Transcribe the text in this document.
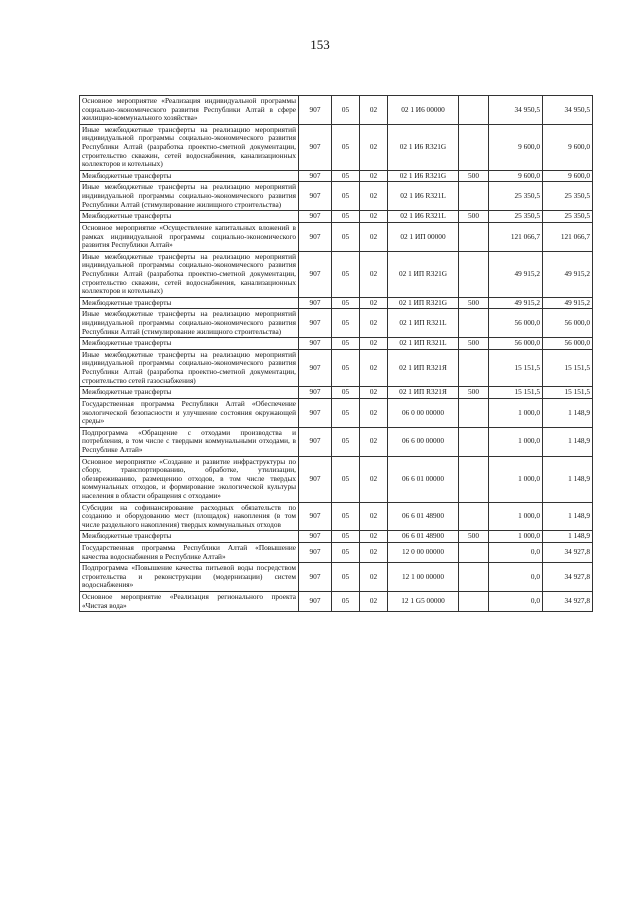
153
Основное мероприятие «Реализация индивидуальной программы социально-экономического развития Республики Алтай в сфере жилищно-коммунального хозяйства»	907	05	02	02 1 И6 00000		34 950,5	34 950,5
Иные межбюджетные трансферты на реализацию мероприятий индивидуальной программы социально-экономического развития Республики Алтай (разработка проектно-сметной документации, строительство скважин, сетей водоснабжения, канализационных коллекторов и котельных)	907	05	02	02 1 И6 R321G		9 600,0	9 600,0
Межбюджетные трансферты	907	05	02	02 1 И6 R321G	500	9 600,0	9 600,0
Иные межбюджетные трансферты на реализацию мероприятий индивидуальной программы социально-экономического развития Республики Алтай (стимулирование жилищного строительства)	907	05	02	02 1 И6 R321L		25 350,5	25 350,5
Межбюджетные трансферты	907	05	02	02 1 И6 R321L	500	25 350,5	25 350,5
Основное мероприятие «Осуществление капитальных вложений в рамках индивидуальной программы социально-экономического развития Республики Алтай»	907	05	02	02 1 ИП 00000		121 066,7	121 066,7
Иные межбюджетные трансферты на реализацию мероприятий индивидуальной программы социально-экономического развития Республики Алтай (разработка проектно-сметной документации, строительство скважин, сетей водоснабжения, канализационных коллекторов и котельных)	907	05	02	02 1 ИП R321G		49 915,2	49 915,2
Межбюджетные трансферты	907	05	02	02 1 ИП R321G	500	49 915,2	49 915,2
Иные межбюджетные трансферты на реализацию мероприятий индивидуальной программы социально-экономического развития Республики Алтай (стимулирование жилищного строительства)	907	05	02	02 1 ИП R321L		56 000,0	56 000,0
Межбюджетные трансферты	907	05	02	02 1 ИП R321L	500	56 000,0	56 000,0
Иные межбюджетные трансферты на реализацию мероприятий индивидуальной программы социально-экономического развития Республики Алтай (разработка проектно-сметной документации, строительство сетей газоснабжения)	907	05	02	02 1 ИП R321Я		15 151,5	15 151,5
Межбюджетные трансферты	907	05	02	02 1 ИП R321Я	500	15 151,5	15 151,5
Государственная программа Республики Алтай «Обеспечение экологической безопасности и улучшение состояния окружающей среды»	907	05	02	06 0 00 00000		1 000,0	1 148,9
Подпрограмма «Обращение с отходами производства и потребления, в том числе с твердыми коммунальными отходами, в Республике Алтай»	907	05	02	06 6 00 00000		1 000,0	1 148,9
Основное мероприятие «Создание и развитие инфраструктуры по сбору, транспортированию, обработке, утилизации, обезвреживанию, размещению отходов, в том числе твердых коммунальных отходов, и формирование экологической культуры населения в области обращения с отходами»	907	05	02	06 6 01 00000		1 000,0	1 148,9
Субсидии на софинансирование расходных обязательств по созданию и оборудованию мест (площадок) накопления (в том числе раздельного накопления) твердых коммунальных отходов	907	05	02	06 6 01 48900		1 000,0	1 148,9
Межбюджетные трансферты	907	05	02	06 6 01 48900	500	1 000,0	1 148,9
Государственная программа Республики Алтай «Повышение качества водоснабжения в Республике Алтай»	907	05	02	12 0 00 00000		0,0	34 927,8
Подпрограмма «Повышение качества питьевой воды посредством строительства и реконструкции (модернизации) систем водоснабжения»	907	05	02	12 1 00 00000		0,0	34 927,8
Основное мероприятие «Реализация регионального проекта «Чистая вода»	907	05	02	12 1 G5 00000		0,0	34 927,8
